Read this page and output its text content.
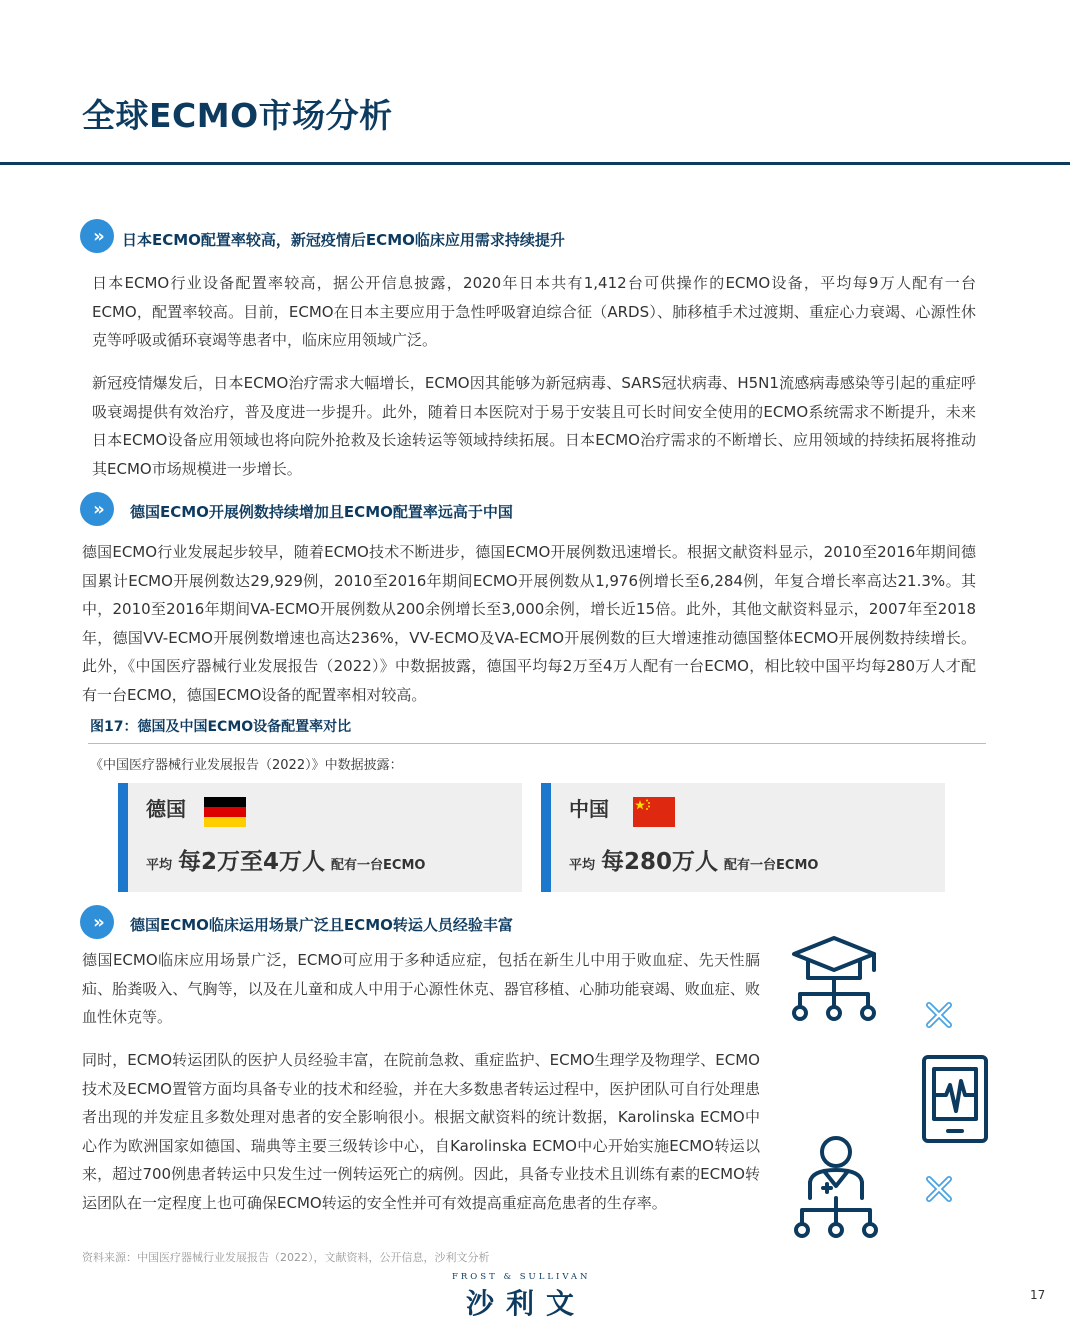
全球ECMO市场分析
»	日本ECMO配置率较高，新冠疫情后ECMO临床应用需求持续提升

日本ECMO行业设备配置率较高，据公开信息披露，2020年日本共有1,412台可供操作的ECMO设备，平均每9万人配有一台ECMO，配置率较高。目前，ECMO在日本主要应用于急性呼吸窘迫综合征（ARDS）、肺移植手术过渡期、重症心力衰竭、心源性休克等呼吸或循环衰竭等患者中，临床应用领域广泛。

新冠疫情爆发后，日本ECMO治疗需求大幅增长，ECMO因其能够为新冠病毒、SARS冠状病毒、H5N1流感病毒感染等引起的重症呼吸衰竭提供有效治疗，普及度进一步提升。此外，随着日本医院对于易于安装且可长时间安全使用的ECMO系统需求不断提升，未来日本ECMO设备应用领域也将向院外抢救及长途转运等领域持续拓展。日本ECMO治疗需求的不断增长、应用领域的持续拓展将推动其ECMO市场规模进一步增长。

»	德国ECMO开展例数持续增加且ECMO配置率远高于中国

德国ECMO行业发展起步较早，随着ECMO技术不断进步，德国ECMO开展例数迅速增长。根据文献资料显示，2010至2016年期间德国累计ECMO开展例数达29,929例，2010至2016年期间ECMO开展例数从1,976例增长至6,284例，年复合增长率高达21.3%。其中，2010至2016年期间VA-ECMO开展例数从200余例增长至3,000余例，增长近15倍。此外，其他文献资料显示，2007年至2018年，德国VV-ECMO开展例数增速也高达236%，VV-ECMO及VA-ECMO开展例数的巨大增速推动德国整体ECMO开展例数持续增长。此外，《中国医疗器械行业发展报告（2022）》中数据披露，德国平均每2万至4万人配有一台ECMO，相比较中国平均每280万人才配有一台ECMO，德国ECMO设备的配置率相对较高。

图17：德国及中国ECMO设备配置率对比
《中国医疗器械行业发展报告（2022）》中数据披露：
德国
平均 每2万至4万人 配有一台ECMO
中国
平均 每280万人 配有一台ECMO
»	德国ECMO临床运用场景广泛且ECMO转运人员经验丰富

德国ECMO临床应用场景广泛，ECMO可应用于多种适应症，包括在新生儿中用于败血症、先天性膈疝、胎粪吸入、气胸等，以及在儿童和成人中用于心源性休克、器官移植、心肺功能衰竭、败血症、败血性休克等。

同时，ECMO转运团队的医护人员经验丰富，在院前急救、重症监护、ECMO生理学及物理学、ECMO技术及ECMO置管方面均具备专业的技术和经验，并在大多数患者转运过程中，医护团队可自行处理患者出现的并发症且多数处理对患者的安全影响很小。根据文献资料的统计数据，Karolinska ECMO中心作为欧洲国家如德国、瑞典等主要三级转诊中心，自Karolinska ECMO中心开始实施ECMO转运以来，超过700例患者转运中只发生过一例转运死亡的病例。因此，具备专业技术且训练有素的ECMO转运团队在一定程度上也可确保ECMO转运的安全性并可有效提高重症高危患者的生存率。

资料来源：中国医疗器械行业发展报告（2022），文献资料，公开信息，沙利文分析
FROST & SULLIVAN
沙利文	17
